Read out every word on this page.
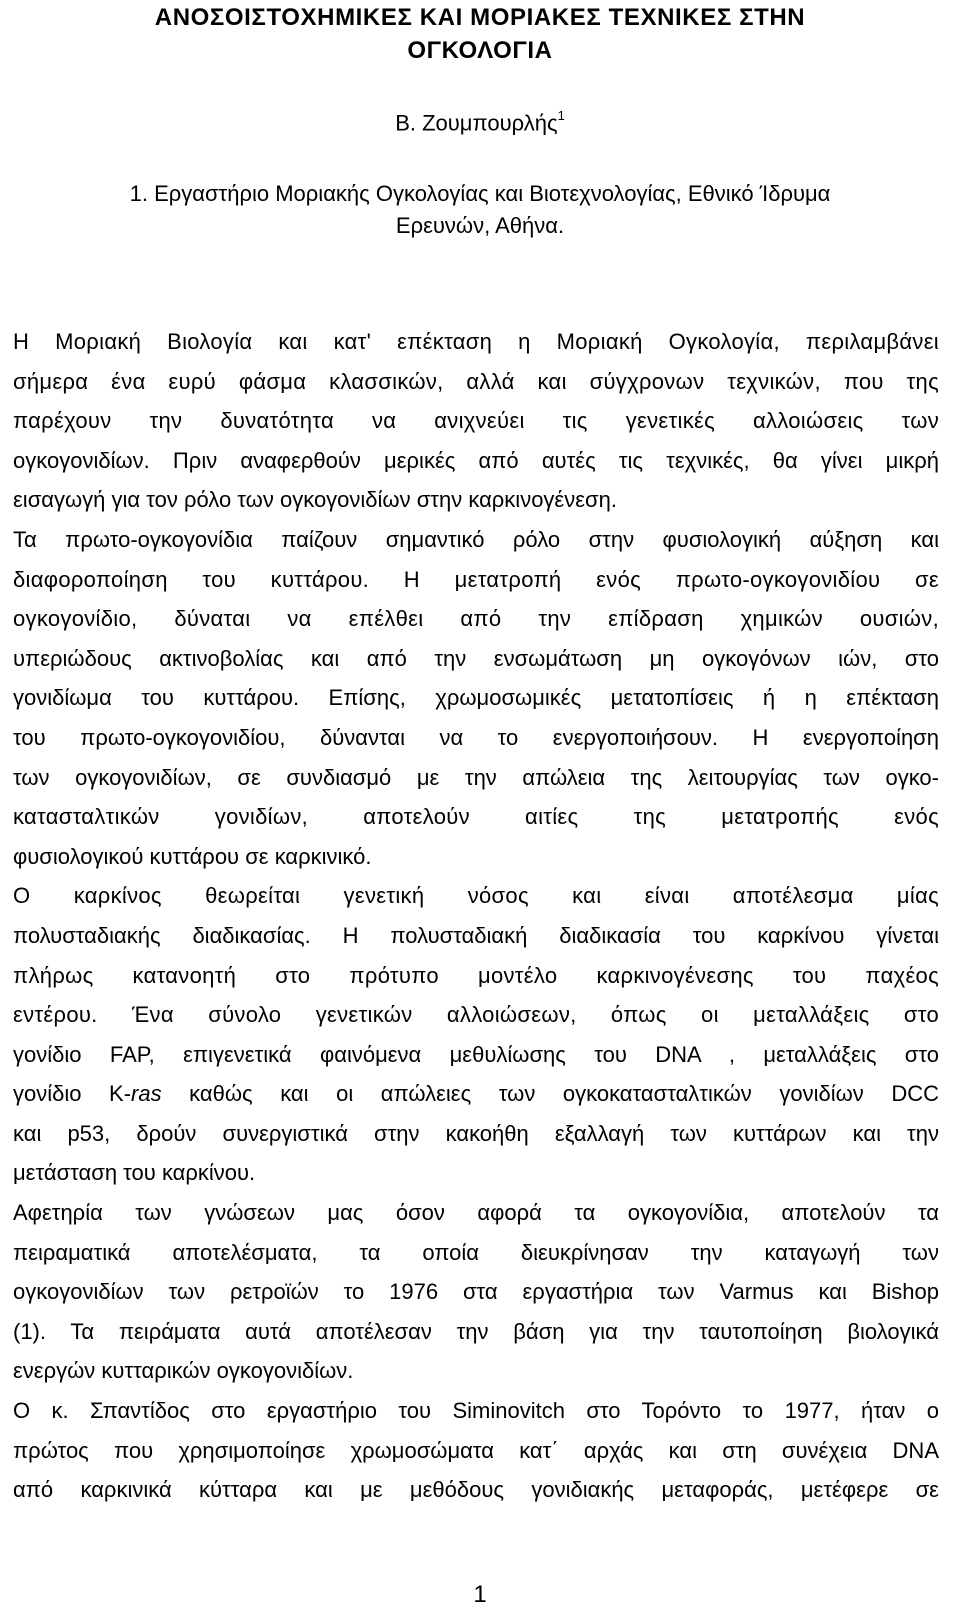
ΑΝΟΣΟΙΣΤΟΧΗΜΙΚΕΣ ΚΑΙ ΜΟΡΙΑΚΕΣ ΤΕΧΝΙΚΕΣ ΣΤΗΝ
ΟΓΚΟΛΟΓΙΑ
Β. Ζουμπουρλής$^1$
1. Εργαστήριο Μοριακής Ογκολογίας και Βιοτεχνολογίας, Εθνικό Ίδρυμα
Ερευνών, Αθήνα.
Η Μοριακή Βιολογία και κατ' επέκταση η Μοριακή Ογκολογία, περιλαμβάνει
σήμερα ένα ευρύ φάσμα κλασσικών, αλλά και σύγχρονων τεχνικών, που της
παρέχουν την δυνατότητα να ανιχνεύει τις γενετικές αλλοιώσεις των
ογκογονιδίων. Πριν αναφερθούν μερικές από αυτές τις τεχνικές, θα γίνει μικρή
εισαγωγή για τον ρόλο των ογκογονιδίων στην καρκινογένεση.
Τα πρωτο-ογκογονίδια παίζουν σημαντικό ρόλο στην φυσιολογική αύξηση και
διαφοροποίηση του κυττάρου. Η μετατροπή ενός πρωτο-ογκογονιδίου σε
ογκογονίδιο, δύναται να επέλθει από την επίδραση χημικών ουσιών,
υπεριώδους ακτινοβολίας και από την ενσωμάτωση μη ογκογόνων ιών, στο
γονιδίωμα του κυττάρου. Επίσης, χρωμοσωμικές μετατοπίσεις ή η επέκταση
του πρωτο-ογκογονιδίου, δύνανται να το ενεργοποιήσουν. Η ενεργοποίηση
των ογκογονιδίων, σε συνδιασμό με την απώλεια της λειτουργίας των ογκο-
κατασταλτικών γονιδίων, αποτελούν αιτίες της μετατροπής ενός
φυσιολογικού κυττάρου σε καρκινικό.
Ο καρκίνος θεωρείται γενετική νόσος και είναι αποτέλεσμα μίας
πολυσταδιακής διαδικασίας. Η πολυσταδιακή διαδικασία του καρκίνου γίνεται
πλήρως κατανοητή στο πρότυπο μοντέλο καρκινογένεσης του παχέος
εντέρου. Ένα σύνολο γενετικών αλλοιώσεων, όπως οι μεταλλάξεις στο
γονίδιο FAP, επιγενετικά φαινόμενα μεθυλίωσης του DNA , μεταλλάξεις στο
γονίδιο K-ras καθώς και οι απώλειες των ογκοκατασταλτικών γονιδίων DCC
και p53, δρούν συνεργιστικά στην κακοήθη εξαλλαγή των κυττάρων και την
μετάσταση του καρκίνου.
Αφετηρία των γνώσεων μας όσον αφορά τα ογκογονίδια, αποτελούν τα
πειραματικά αποτελέσματα, τα οποία διευκρίνησαν την καταγωγή των
ογκογονιδίων των ρετροϊών το 1976 στα εργαστήρια των Varmus και Bishop
(1). Τα πειράματα αυτά αποτέλεσαν την βάση για την ταυτοποίηση βιολογικά
ενεργών κυτταρικών ογκογονιδίων.
Ο κ. Σπαντίδος στο εργαστήριο του Siminovitch στο Τορόντο το 1977, ήταν ο
πρώτος που χρησιμοποίησε χρωμοσώματα κατ΄ αρχάς και στη συνέχεια DNA
από καρκινικά κύτταρα και με μεθόδους γονιδιακής μεταφοράς, μετέφερε σε
1
